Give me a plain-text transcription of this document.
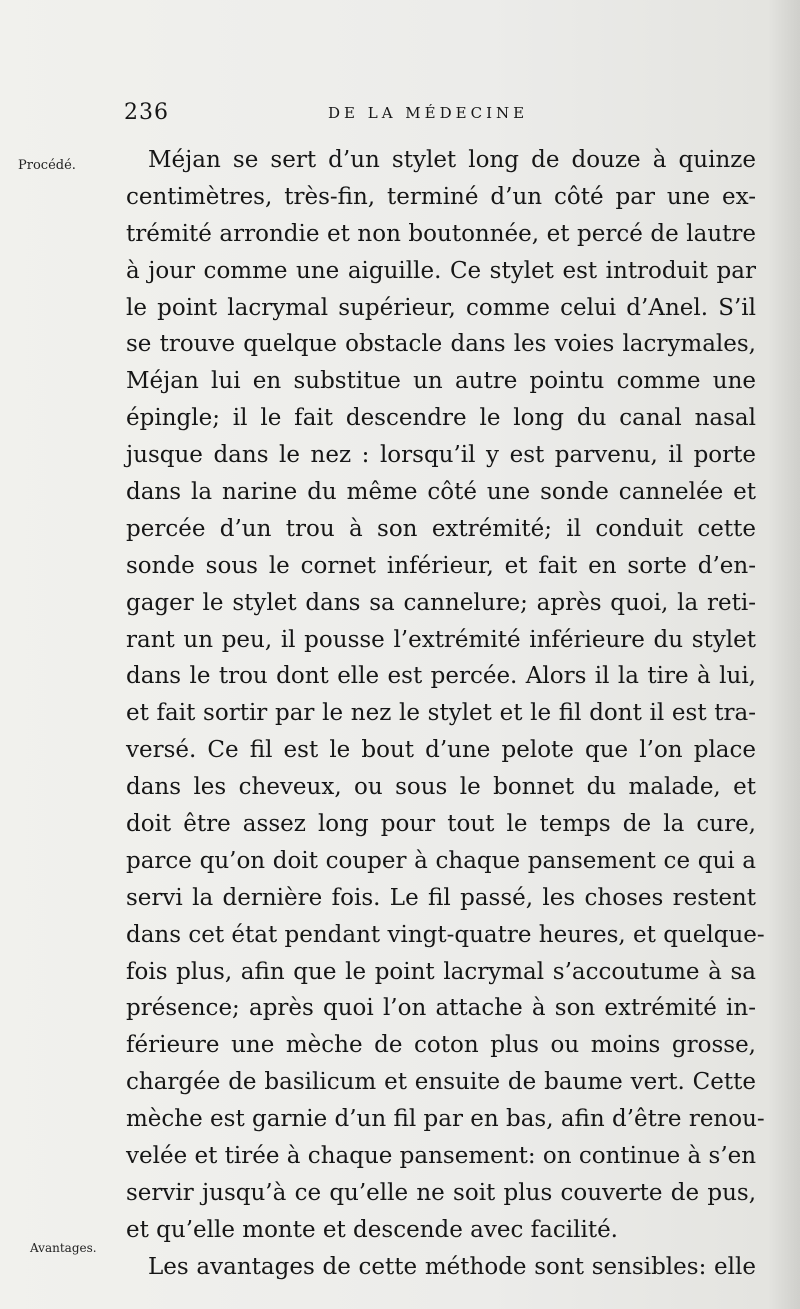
236	DE LA MÉDECINE
Procédé.
Avantages.
Méjan se sert d’un stylet long de douze à quinze
centimètres, très-fin, terminé d’un côté par une ex-
trémité arrondie et non boutonnée, et percé de lautre
à jour comme une aiguille. Ce stylet est introduit par
le point lacrymal supérieur, comme celui d’Anel. S’il
se trouve quelque obstacle dans les voies lacrymales,
Méjan lui en substitue un autre pointu comme une
épingle; il le fait descendre le long du canal nasal
jusque dans le nez : lorsqu’il y est parvenu, il porte
dans la narine du même côté une sonde cannelée et
percée d’un trou à son extrémité; il conduit cette
sonde sous le cornet inférieur, et fait en sorte d’en-
gager le stylet dans sa cannelure; après quoi, la reti-
rant un peu, il pousse l’extrémité inférieure du stylet
dans le trou dont elle est percée. Alors il la tire à lui,
et fait sortir par le nez le stylet et le fil dont il est tra-
versé. Ce fil est le bout d’une pelote que l’on place
dans les cheveux, ou sous le bonnet du malade, et
doit être assez long pour tout le temps de la cure,
parce qu’on doit couper à chaque pansement ce qui a
servi la dernière fois. Le fil passé, les choses restent
dans cet état pendant vingt-quatre heures, et quelque-
fois plus, afin que le point lacrymal s’accoutume à sa
présence; après quoi l’on attache à son extrémité in-
férieure une mèche de coton plus ou moins grosse,
chargée de basilicum et ensuite de baume vert. Cette
mèche est garnie d’un fil par en bas, afin d’être renou-
velée et tirée à chaque pansement: on continue à s’en
servir jusqu’à ce qu’elle ne soit plus couverte de pus,
et qu’elle monte et descende avec facilité.
Les avantages de cette méthode sont sensibles: elle
